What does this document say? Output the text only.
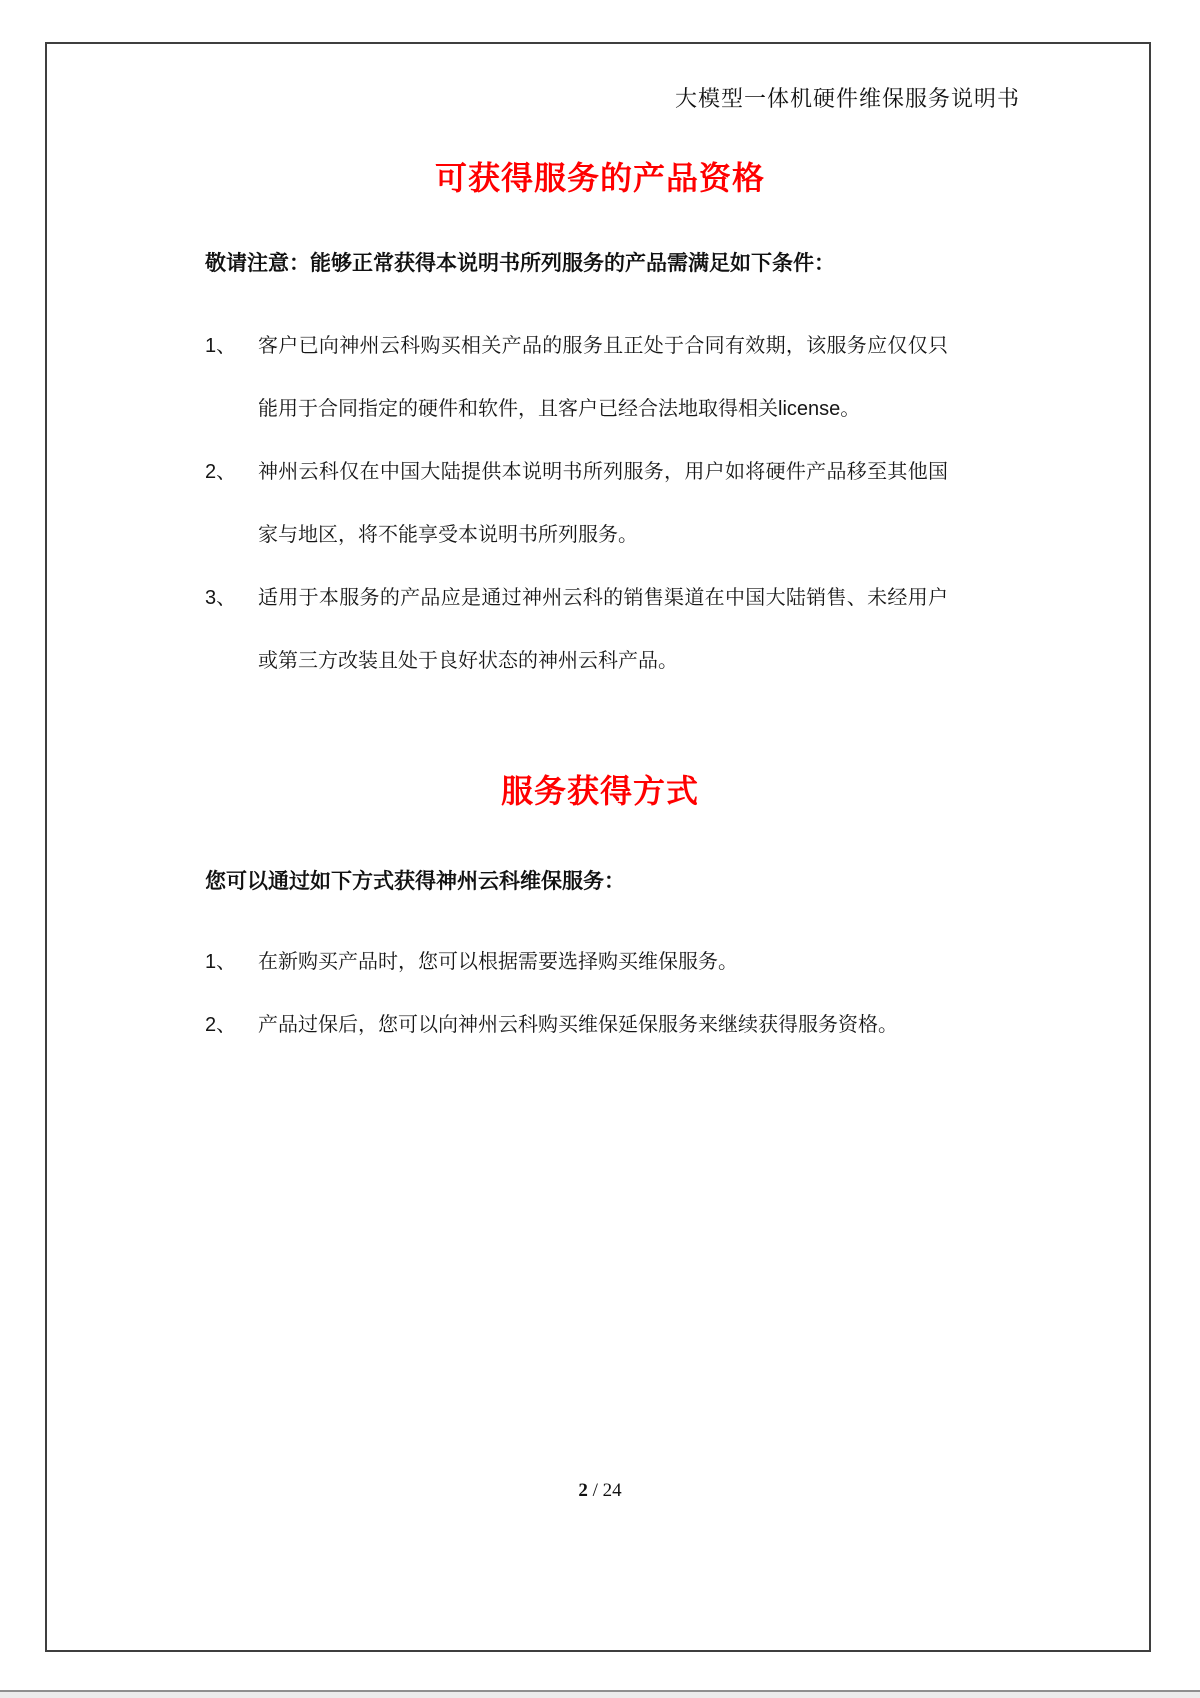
大模型一体机硬件维保服务说明书
可获得服务的产品资格
敬请注意：能够正常获得本说明书所列服务的产品需满足如下条件：
1、	客户已向神州云科购买相关产品的服务且正处于合同有效期，该服务应仅仅只能用于合同指定的硬件和软件，且客户已经合法地取得相关license。
2、	神州云科仅在中国大陆提供本说明书所列服务，用户如将硬件产品移至其他国家与地区，将不能享受本说明书所列服务。
3、	适用于本服务的产品应是通过神州云科的销售渠道在中国大陆销售、未经用户或第三方改装且处于良好状态的神州云科产品。
服务获得方式
您可以通过如下方式获得神州云科维保服务：
1、	在新购买产品时，您可以根据需要选择购买维保服务。
2、	产品过保后，您可以向神州云科购买维保延保服务来继续获得服务资格。
2 / 24
